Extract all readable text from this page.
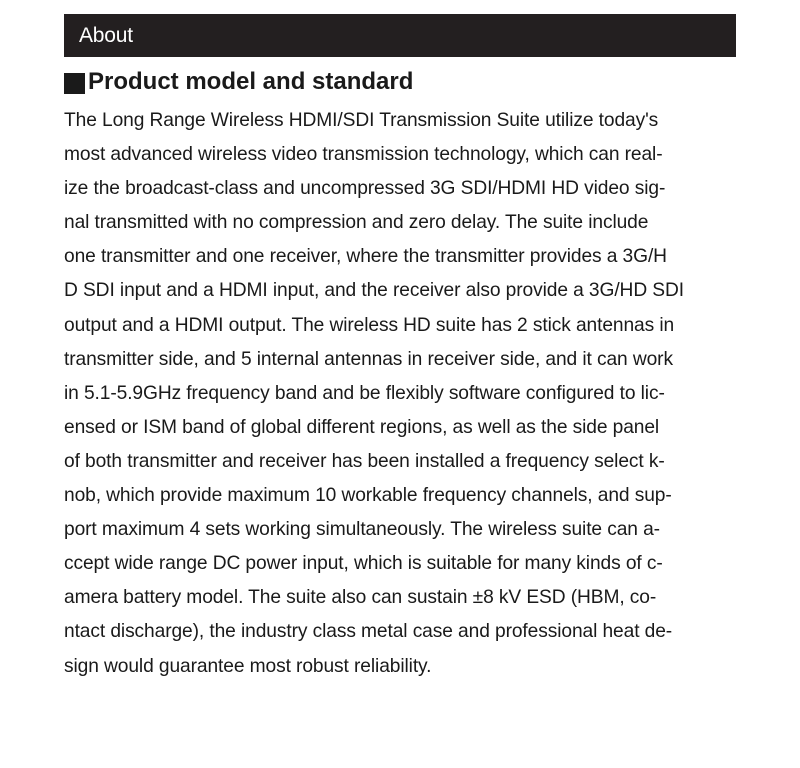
About
Product model and standard
The Long Range Wireless HDMI/SDI Transmission Suite utilize today's
most advanced wireless video transmission technology, which can real-
ize the broadcast-class and uncompressed 3G SDI/HDMI HD video sig-
nal transmitted with no compression and zero delay. The suite include
one transmitter and one receiver, where the transmitter provides a 3G/H
D SDI input and a HDMI input, and the receiver also provide a 3G/HD SDI
output and a HDMI output. The wireless HD suite has 2 stick antennas in
transmitter side, and 5 internal antennas in receiver side, and it can work
in 5.1-5.9GHz frequency band and be flexibly software configured to lic-
ensed or ISM band of global different regions, as well as the side panel
of both transmitter and receiver has been installed a frequency select k-
nob, which provide maximum 10 workable frequency channels, and sup-
port maximum 4 sets working simultaneously. The wireless suite can a-
ccept wide range DC power input, which is suitable for many kinds of c-
amera battery model. The suite also can sustain ±8 kV ESD (HBM, co-
ntact discharge), the industry class metal case and professional heat de-
sign would guarantee most robust reliability.
